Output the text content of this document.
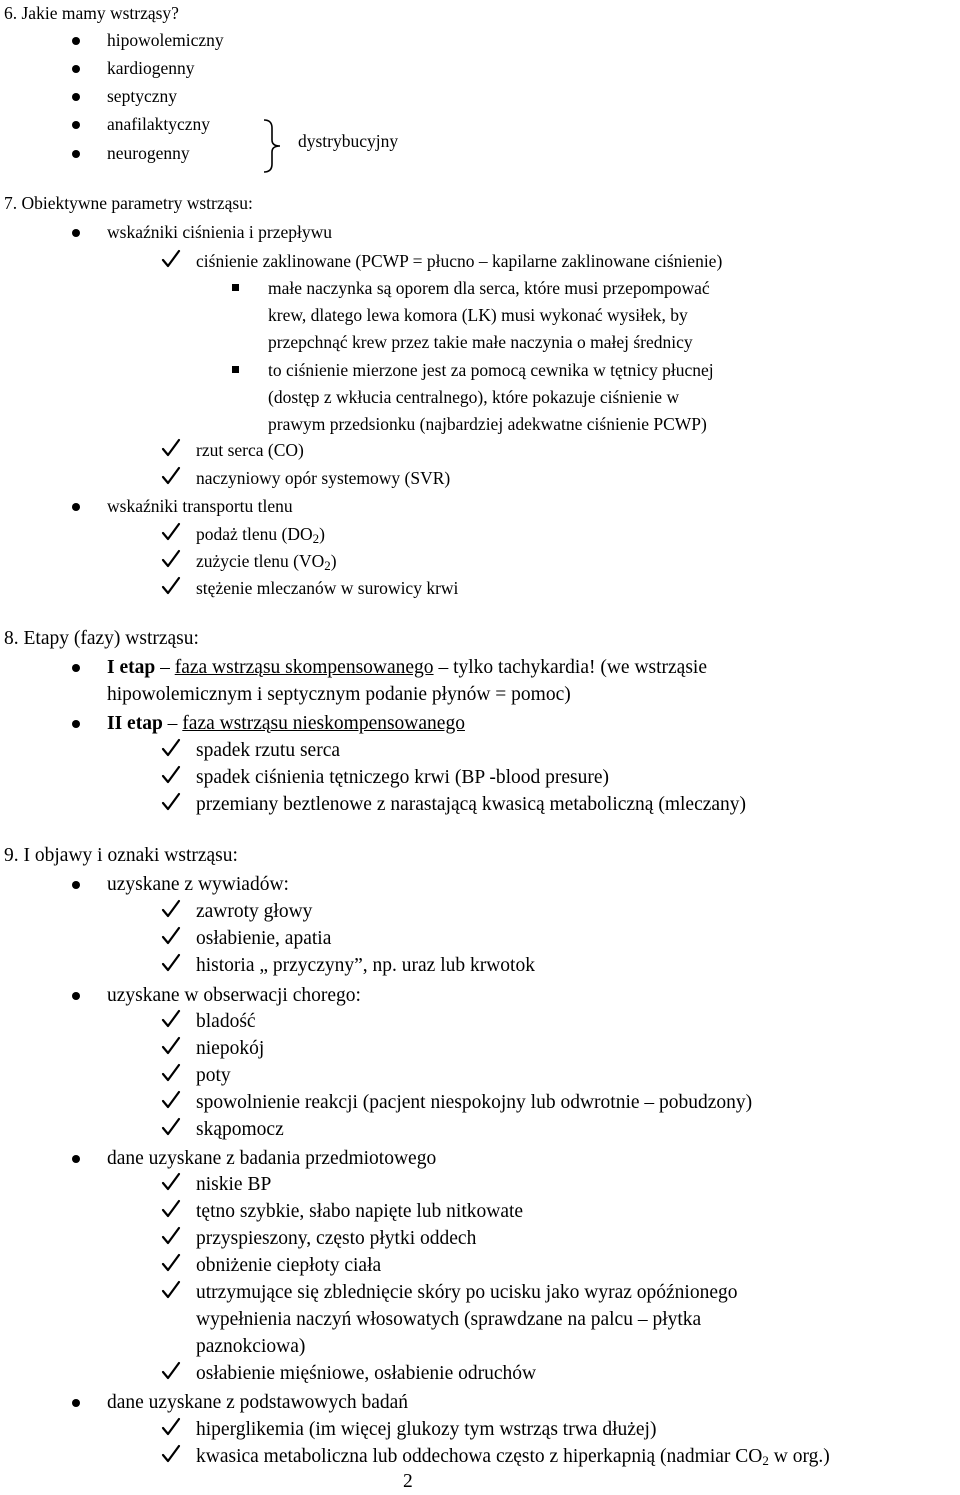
6. Jakie mamy wstrząsy?
hipowolemiczny
kardiogenny
septyczny
anafilaktyczny
neurogenny
dystrybucyjny
7. Obiektywne parametry wstrząsu:
wskaźniki ciśnienia i przepływu
ciśnienie zaklinowane (PCWP = płucno – kapilarne zaklinowane ciśnienie)
małe naczynka są oporem dla serca, które musi przepompować
krew, dlatego lewa komora (LK) musi wykonać wysiłek, by
przepchnąć krew przez takie małe naczynia o małej średnicy
to ciśnienie mierzone jest za pomocą cewnika w tętnicy płucnej
(dostęp z wkłucia centralnego), które pokazuje ciśnienie w
prawym przedsionku (najbardziej adekwatne ciśnienie PCWP)
rzut serca (CO)
naczyniowy opór systemowy (SVR)
wskaźniki transportu tlenu
podaż tlenu $(DO_2)$
zużycie tlenu $(VO_2)$
stężenie mleczanów w surowicy krwi
8. Etapy (fazy) wstrząsu:
I etap – faza wstrząsu skompensowanego – tylko tachykardia! (we wstrząsie
hipowolemicznym i septycznym podanie płynów = pomoc)
II etap – faza wstrząsu nieskompensowanego
spadek rzutu serca
spadek ciśnienia tętniczego krwi (BP -blood presure)
przemiany beztlenowe z narastającą kwasicą metaboliczną (mleczany)
9. I objawy i oznaki wstrząsu:
uzyskane z wywiadów:
zawroty głowy
osłabienie, apatia
historia „ przyczyny”, np. uraz lub krwotok
uzyskane w obserwacji chorego:
bladość
niepokój
poty
spowolnienie reakcji (pacjent niespokojny lub odwrotnie – pobudzony)
skąpomocz
dane uzyskane z badania przedmiotowego
niskie BP
tętno szybkie, słabo napięte lub nitkowate
przyspieszony, często płytki oddech
obniżenie ciepłoty ciała
utrzymujące się zblednięcie skóry po ucisku jako wyraz opóźnionego
wypełnienia naczyń włosowatych (sprawdzane na palcu – płytka
paznokciowa)
osłabienie mięśniowe, osłabienie odruchów
dane uzyskane z podstawowych badań
hiperglikemia (im więcej glukozy tym wstrząs trwa dłużej)
kwasica metaboliczna lub oddechowa często z hiperkapnią (nadmiar $CO_2$ w org.)
2
